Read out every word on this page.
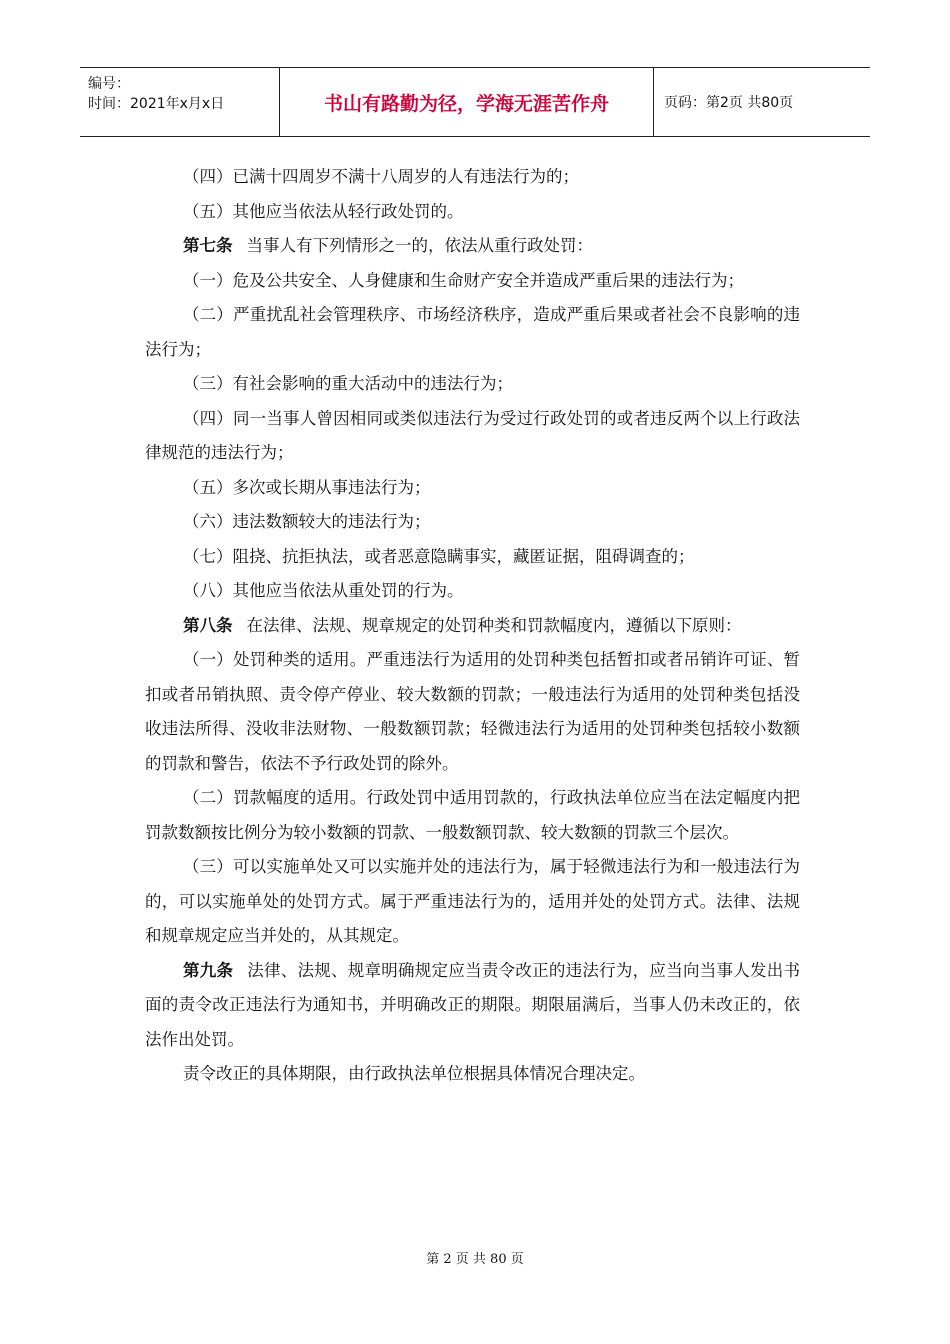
编号：
时间：2021年x月x日	书山有路勤为径，学海无涯苦作舟	页码：第2页 共80页

（四）已满十四周岁不满十八周岁的人有违法行为的；

（五）其他应当依法从轻行政处罚的。

第七条 当事人有下列情形之一的，依法从重行政处罚：

（一）危及公共安全、人身健康和生命财产安全并造成严重后果的违法行为；

（二）严重扰乱社会管理秩序、市场经济秩序，造成严重后果或者社会不良影响的违法行为；

（三）有社会影响的重大活动中的违法行为；

（四）同一当事人曾因相同或类似违法行为受过行政处罚的或者违反两个以上行政法律规范的违法行为；

（五）多次或长期从事违法行为；

（六）违法数额较大的违法行为；

（七）阻挠、抗拒执法，或者恶意隐瞒事实，藏匿证据，阻碍调查的；

（八）其他应当依法从重处罚的行为。

第八条 在法律、法规、规章规定的处罚种类和罚款幅度内，遵循以下原则：

（一）处罚种类的适用。严重违法行为适用的处罚种类包括暂扣或者吊销许可证、暂扣或者吊销执照、责令停产停业、较大数额的罚款；一般违法行为适用的处罚种类包括没收违法所得、没收非法财物、一般数额罚款；轻微违法行为适用的处罚种类包括较小数额的罚款和警告，依法不予行政处罚的除外。

（二）罚款幅度的适用。行政处罚中适用罚款的，行政执法单位应当在法定幅度内把罚款数额按比例分为较小数额的罚款、一般数额罚款、较大数额的罚款三个层次。

（三）可以实施单处又可以实施并处的违法行为，属于轻微违法行为和一般违法行为的，可以实施单处的处罚方式。属于严重违法行为的，适用并处的处罚方式。法律、法规和规章规定应当并处的，从其规定。

第九条 法律、法规、规章明确规定应当责令改正的违法行为，应当向当事人发出书面的责令改正违法行为通知书，并明确改正的期限。期限届满后，当事人仍未改正的，依法作出处罚。

责令改正的具体期限，由行政执法单位根据具体情况合理决定。

第 2 页 共 80 页
